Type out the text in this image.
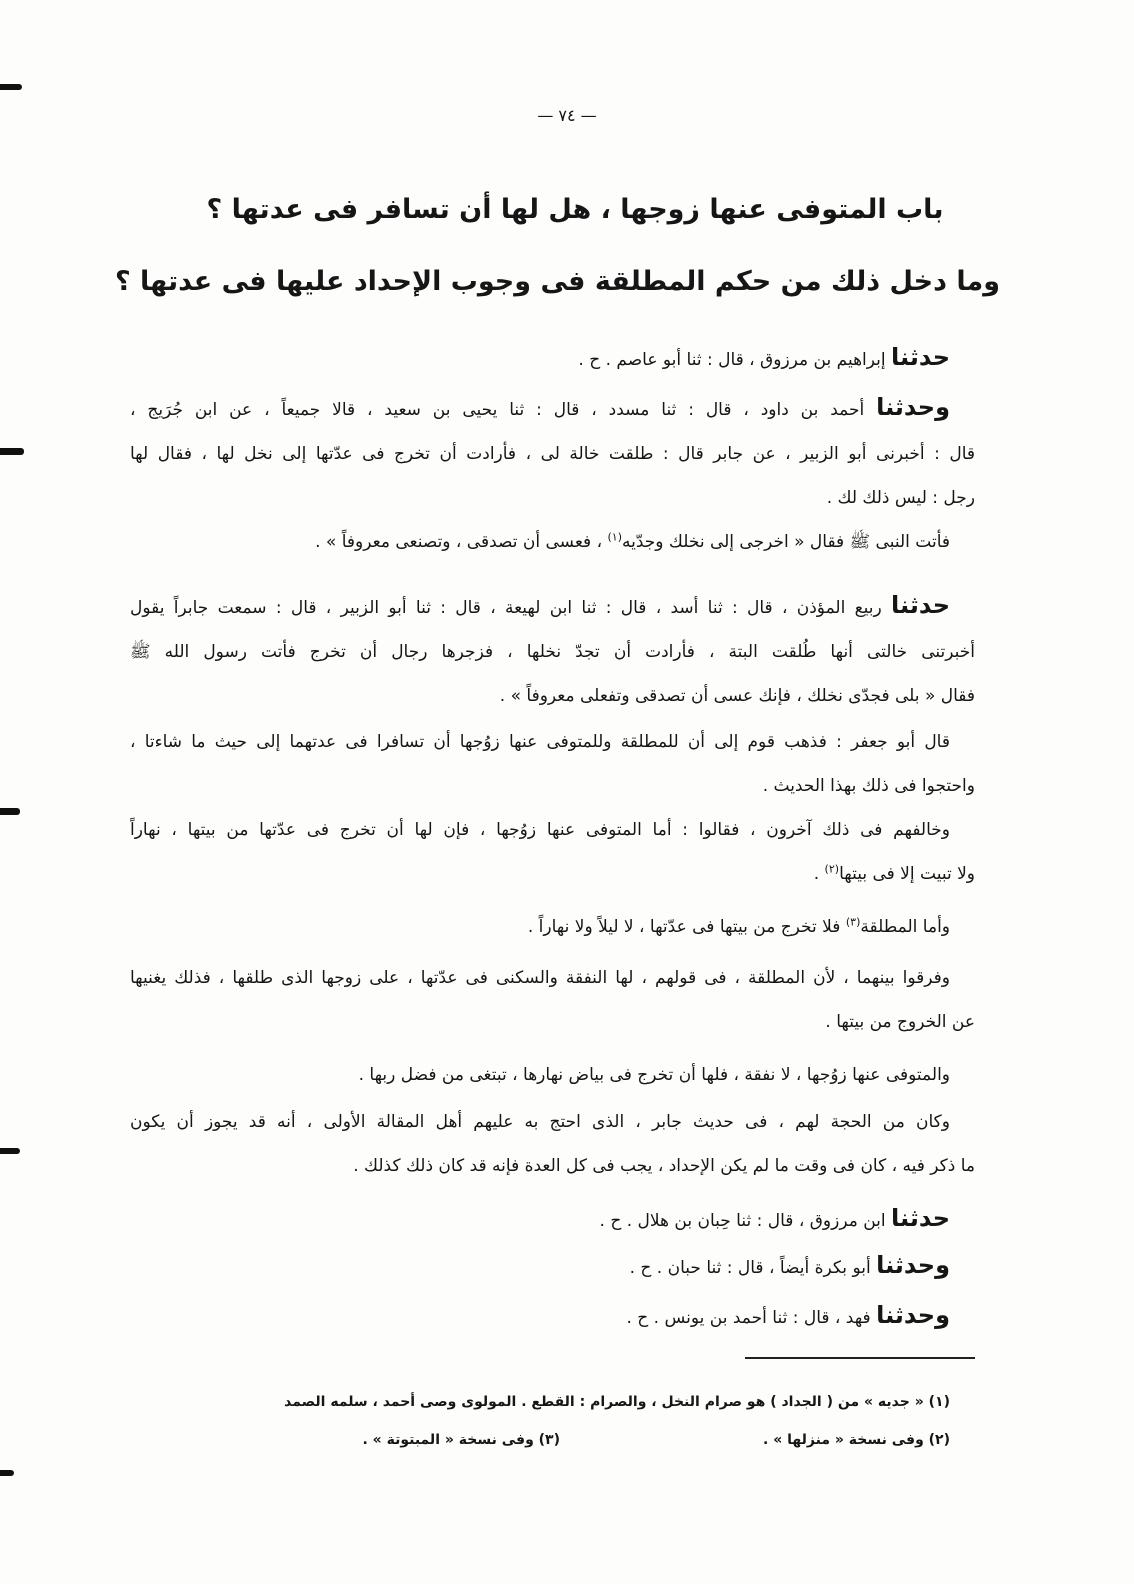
— ٧٤ —
باب المتوفى عنها زوجها ، هل لها أن تسافر فى عدتها ؟
وما دخل ذلك من حكم المطلقة فى وجوب الإحداد عليها فى عدتها ؟
حدثنا إبراهيم بن مرزوق ، قال : ثنا أبو عاصم . ح .
وحدثنا أحمد بن داود ، قال : ثنا مسدد ، قال : ثنا يحيى بن سعيد ، قالا جميعاً ، عن ابن جُرَيج ،
قال : أخبرنى أبو الزبير ، عن جابر قال : طلقت خالة لى ، فأرادت أن تخرج فى عدّتها إلى نخل لها ، فقال لها
رجل : ليس ذلك لك .
فأتت النبى ﷺ فقال « اخرجى إلى نخلك وجدّيه$^{(١)}$ ، فعسى أن تصدقى ، وتصنعى معروفاً » .
حدثنا ربيع المؤذن ، قال : ثنا أسد ، قال : ثنا ابن لهيعة ، قال : ثنا أبو الزبير ، قال : سمعت جابراً يقول
أخبرتنى خالتى أنها طُلقت البتة ، فأرادت أن تجدّ نخلها ، فزجرها رجال أن تخرج فأتت رسول الله ﷺ
فقال « بلى فجدّى نخلك ، فإنك عسى أن تصدقى وتفعلى معروفاً » .
قال أبو جعفر : فذهب قوم إلى أن للمطلقة وللمتوفى عنها زوُجها أن تسافرا فى عدتهما إلى حيث ما شاءتا ،
واحتجوا فى ذلك بهذا الحديث .
وخالفهم فى ذلك آخرون ، فقالوا : أما المتوفى عنها زوُجها ، فإن لها أن تخرج فى عدّتها من بيتها ، نهاراً
ولا تبيت إلا فى بيتها$^{(٢)}$ .
وأما المطلقة$^{(٣)}$ فلا تخرج من بيتها فى عدّتها ، لا ليلاً ولا نهاراً .
وفرقوا بينهما ، لأن المطلقة ، فى قولهم ، لها النفقة والسكنى فى عدّتها ، على زوجها الذى طلقها ، فذلك يغنيها
عن الخروج من بيتها .
والمتوفى عنها زوُجها ، لا نفقة ، فلها أن تخرج فى بياض نهارها ، تبتغى من فضل ربها .
وكان من الحجة لهم ، فى حديث جابر ، الذى احتج به عليهم أهل المقالة الأولى ، أنه قد يجوز أن يكون
ما ذكر فيه ، كان فى وقت ما لم يكن الإحداد ، يجب فى كل العدة فإنه قد كان ذلك كذلك .
حدثنا ابن مرزوق ، قال : ثنا حِبان بن هلال . ح .
وحدثنا أبو بكرة أيضاً ، قال : ثنا حبان . ح .
وحدثنا فهد ، قال : ثنا أحمد بن يونس . ح .
(١) « جديه » من ( الجداد ) هو صرام النخل ، والصرام : القطع . المولوى وصى أحمد ، سلمه الصمد
(٢) وفى نسخة « منزلها » .
(٣) وفى نسخة « المبتوتة » .
